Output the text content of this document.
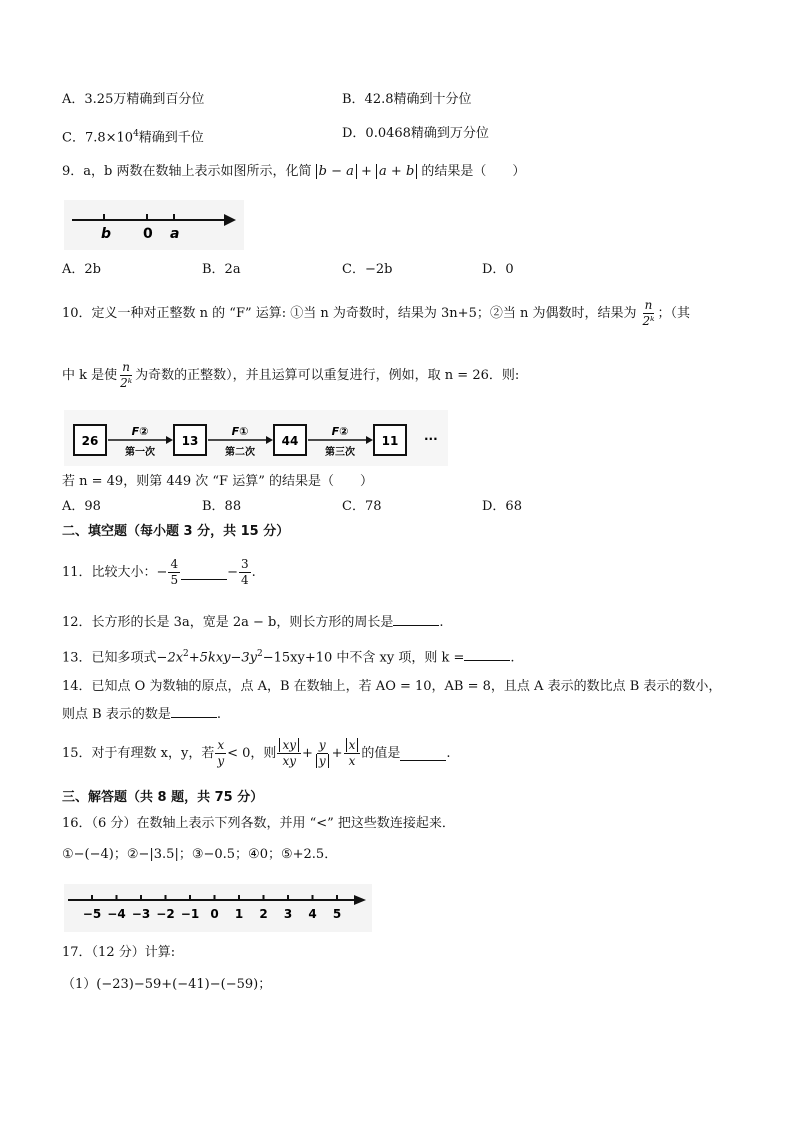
A．3.25万精确到百分位	B．42.8精确到十分位
C．$7.8\times 10^4$精确到千位	D．0.0468精确到万分位
9．a，b 两数在数轴上表示如图所示，化简 b − a + a + b 的结果是（　　）
b 0 a
A．2b	B．2a	C．−2b	D．0
10．定义一种对正整数 n 的 “F” 运算: ①当 n 为奇数时，结果为 3n+5；②当 n 为偶数时，结果为 $\frac{n}{\text{2ᵏ}}$ ；（其
中 k 是使 $\frac{n}{\text{2ᵏ}}$ 为奇数的正整数），并且运算可以重复进行，例如，取 n = 26．则:
26	13	44	11
F②	F①	F②
第一次	第二次	第三次
···
若 n = 49，则第 449 次 “F 运算” 的结果是（　　）
A．98	B．88	C．78	D．68
二、填空题（每小题 3 分，共 15 分）
11．比较大小：− $\frac{4}{5}$	− $\frac{3}{4}$ .
12．长方形的长是 3a，宽是 2a − b，则长方形的周长是	.
13．已知多项式$-2x^2+5kxy-3y^2-15xy+10$ 中不含 xy 项，则 k =	.
14．已知点 O 为数轴的原点，点 A，B 在数轴上，若 AO = 10，AB = 8，且点 A 表示的数比点 B 表示的数小，
则点 B 表示的数是	.
15．对于有理数 x，y，若 $\frac{x}{y} < 0$，则 $\frac{xy}{xy} + \frac{y}{y} + \frac{x}{x}$ 的值是	.
三、解答题（共 8 题，共 75 分）
16．（6 分）在数轴上表示下列各数，并用 “<” 把这些数连接起来．
①−(−4)；②−|3.5|；③−0.5；④0；⑤+2.5．
−5 −4 −3 −2 −1 0 1 2 3 4 5
17．（12 分）计算:
（1）(−23)−59+(−41)−(−59)；
